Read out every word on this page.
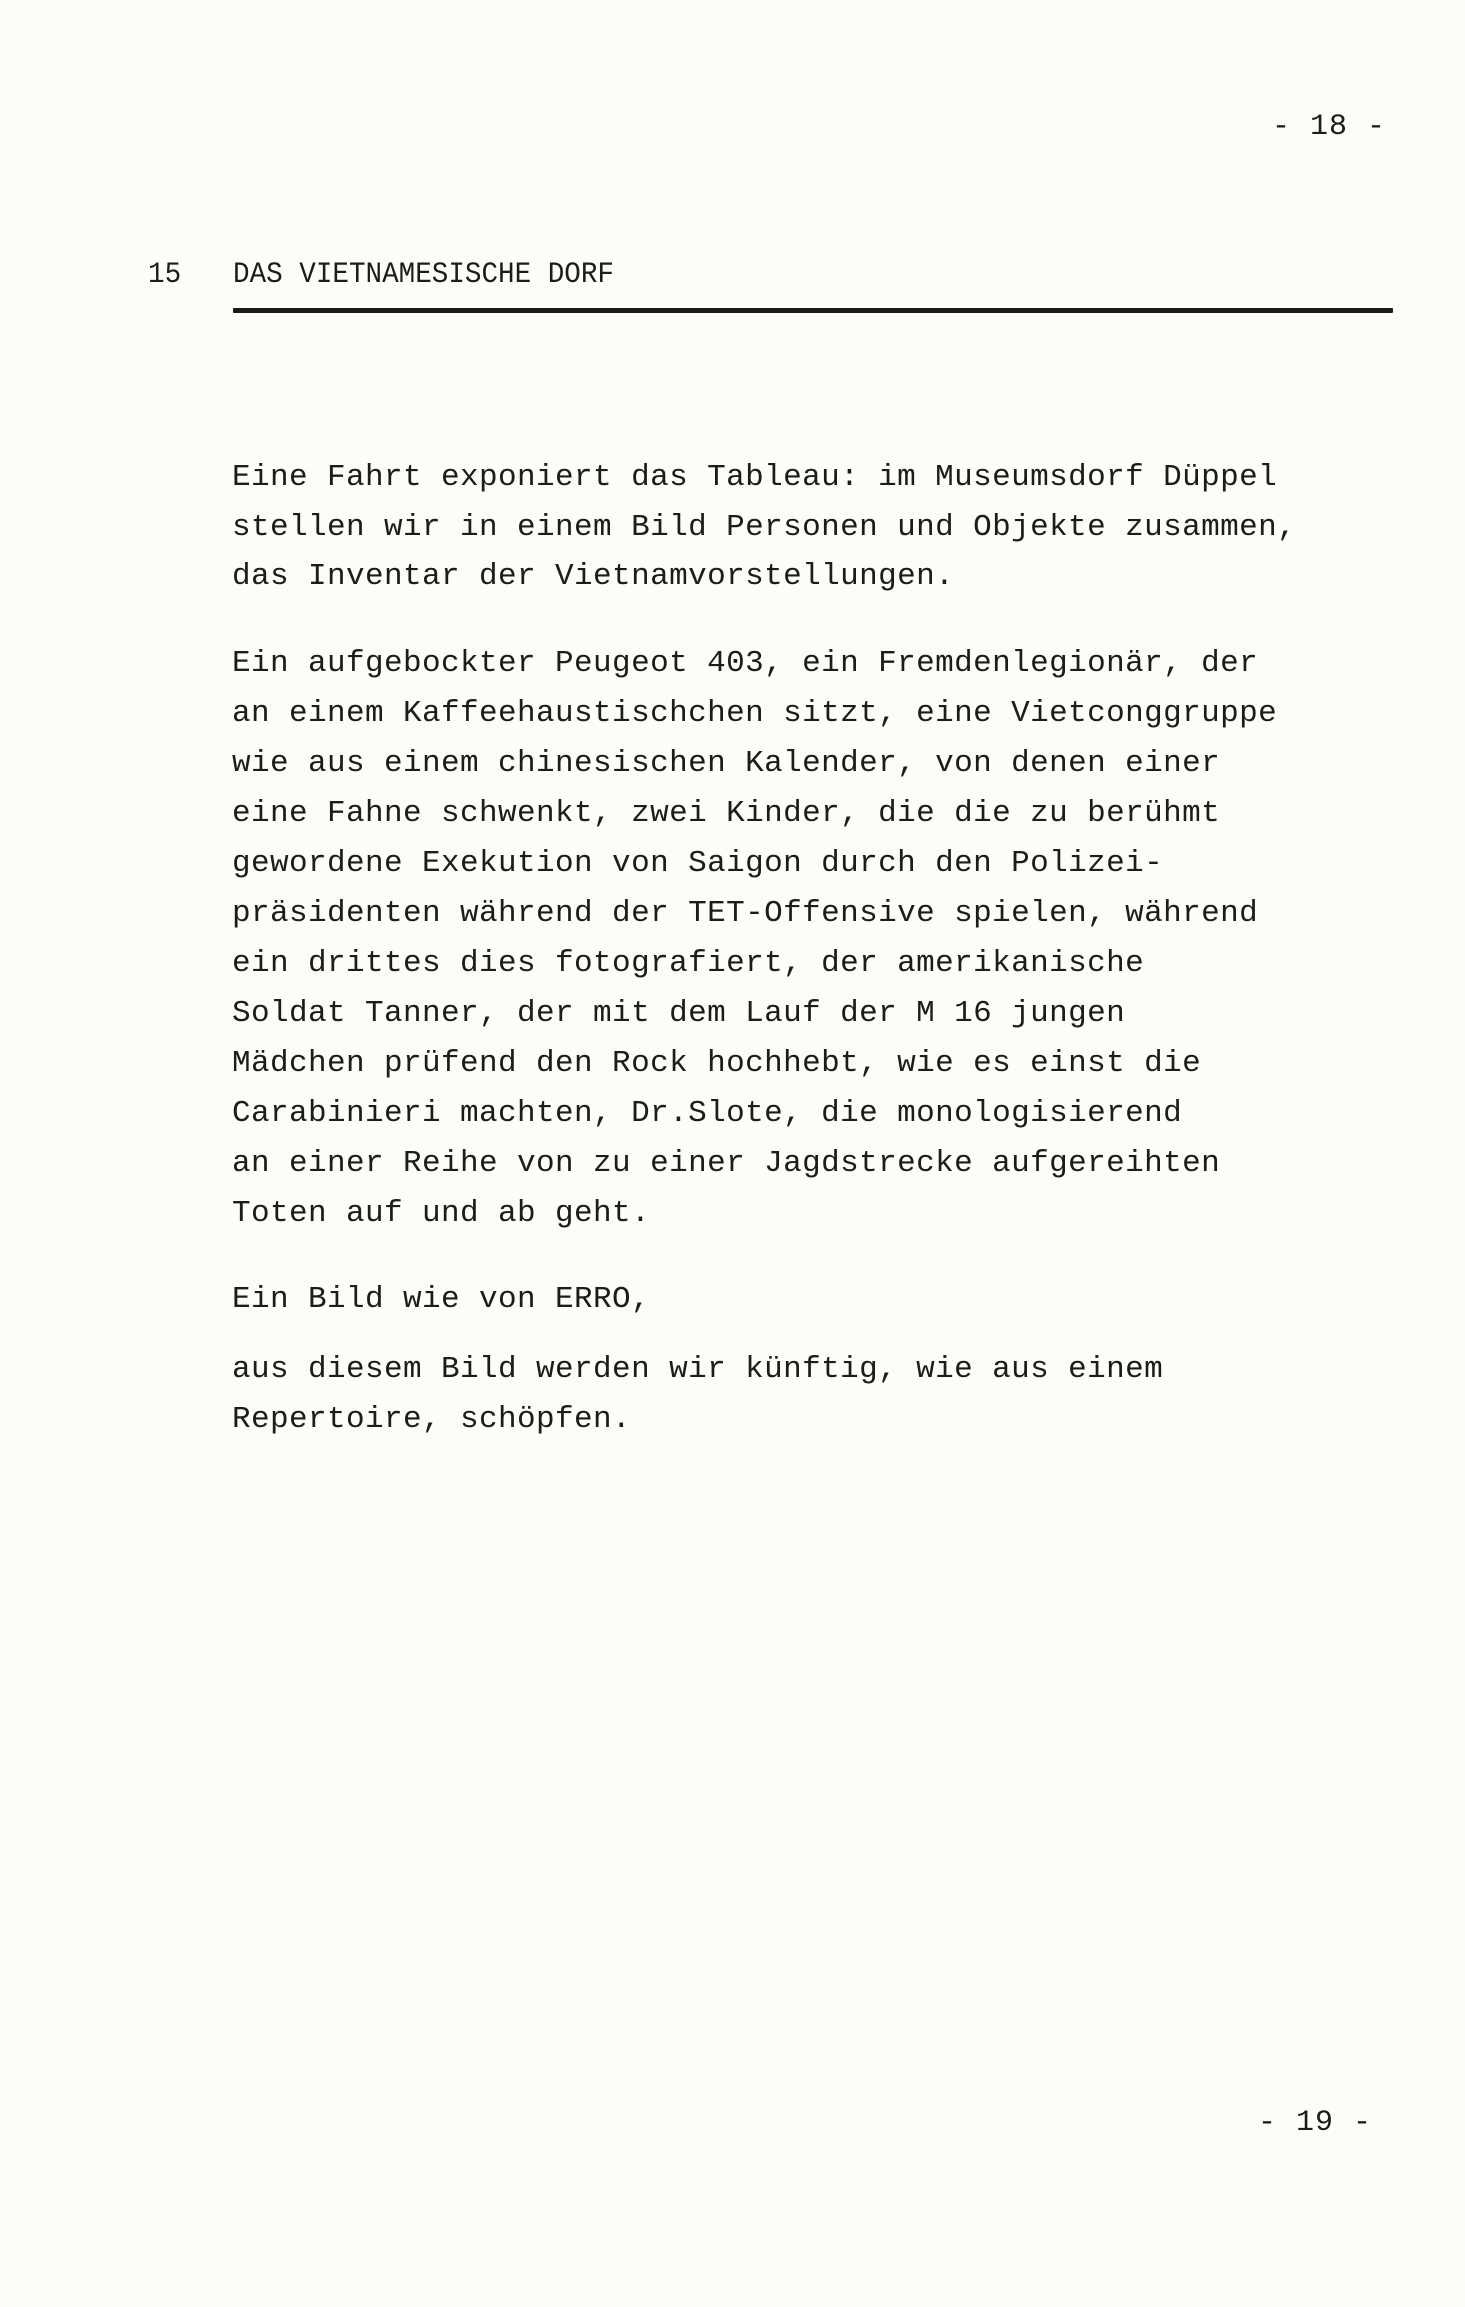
- 18 -
15 DAS VIETNAMESISCHE DORF
Eine Fahrt exponiert das Tableau: im Museumsdorf Düppel
stellen wir in einem Bild Personen und Objekte zusammen,
das Inventar der Vietnamvorstellungen.
Ein aufgebockter Peugeot 403, ein Fremdenlegionär, der
an einem Kaffeehaustischchen sitzt, eine Vietconggruppe
wie aus einem chinesischen Kalender, von denen einer
eine Fahne schwenkt, zwei Kinder, die die zu berühmt
gewordene Exekution von Saigon durch den Polizei-
präsidenten während der TET-Offensive spielen, während
ein drittes dies fotografiert, der amerikanische
Soldat Tanner, der mit dem Lauf der M 16 jungen
Mädchen prüfend den Rock hochhebt, wie es einst die
Carabinieri machten, Dr.Slote, die monologisierend
an einer Reihe von zu einer Jagdstrecke aufgereihten
Toten auf und ab geht.
Ein Bild wie von ERRO,
aus diesem Bild werden wir künftig, wie aus einem
Repertoire, schöpfen.
- 19 -
